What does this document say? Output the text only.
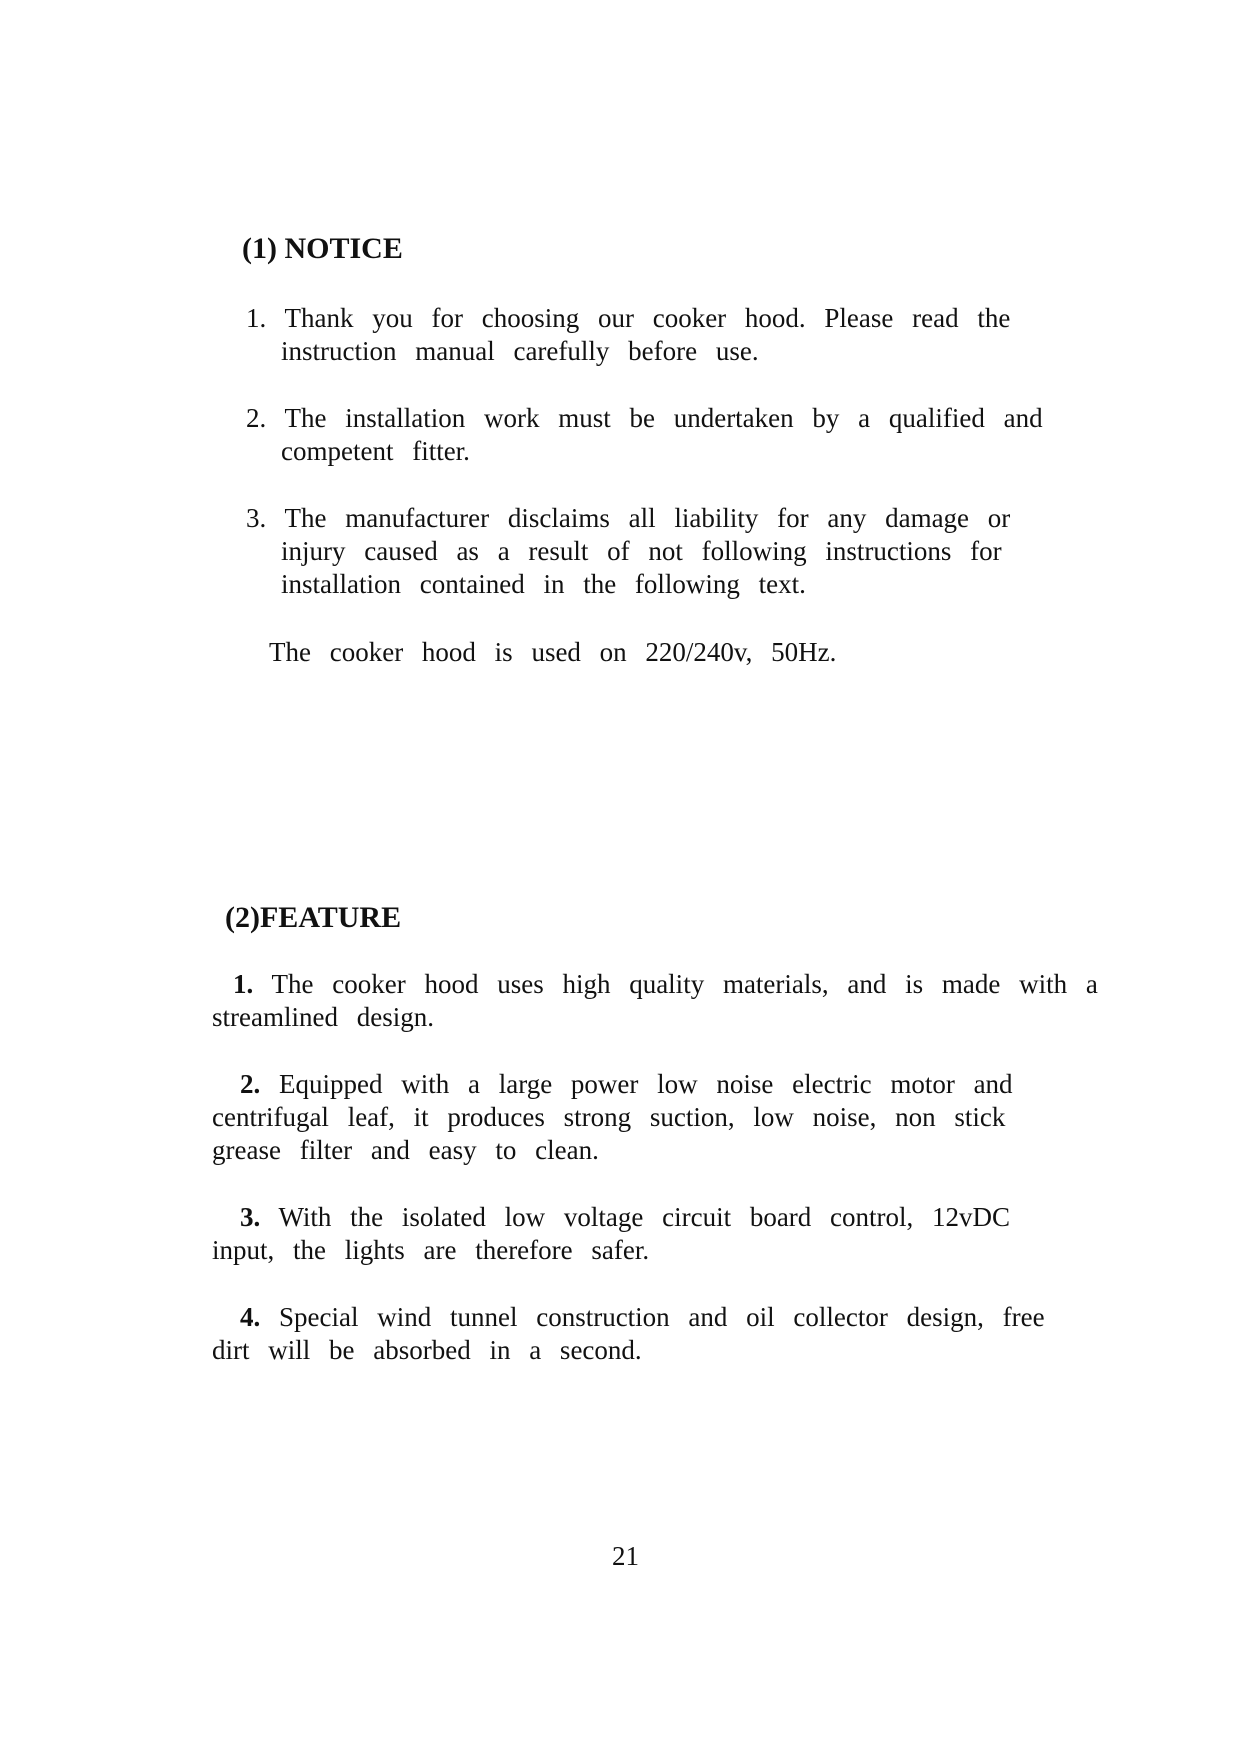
(1) NOTICE
1. Thank you for choosing our cooker hood. Please read the
instruction manual carefully before use.
2. The installation work must be undertaken by a qualified and
competent fitter.
3. The manufacturer disclaims all liability for any damage or
injury caused as a result of not following instructions for
installation contained in the following text.

The cooker hood is used on 220/240v, 50Hz.

(2)FEATURE
1. The cooker hood uses high quality materials, and is made with a
streamlined design.
2. Equipped with a large power low noise electric motor and
centrifugal leaf, it produces strong suction, low noise, non stick
grease filter and easy to clean.
3. With the isolated low voltage circuit board control, 12vDC
input, the lights are therefore safer.
4. Special wind tunnel construction and oil collector design, free
dirt will be absorbed in a second.
21
